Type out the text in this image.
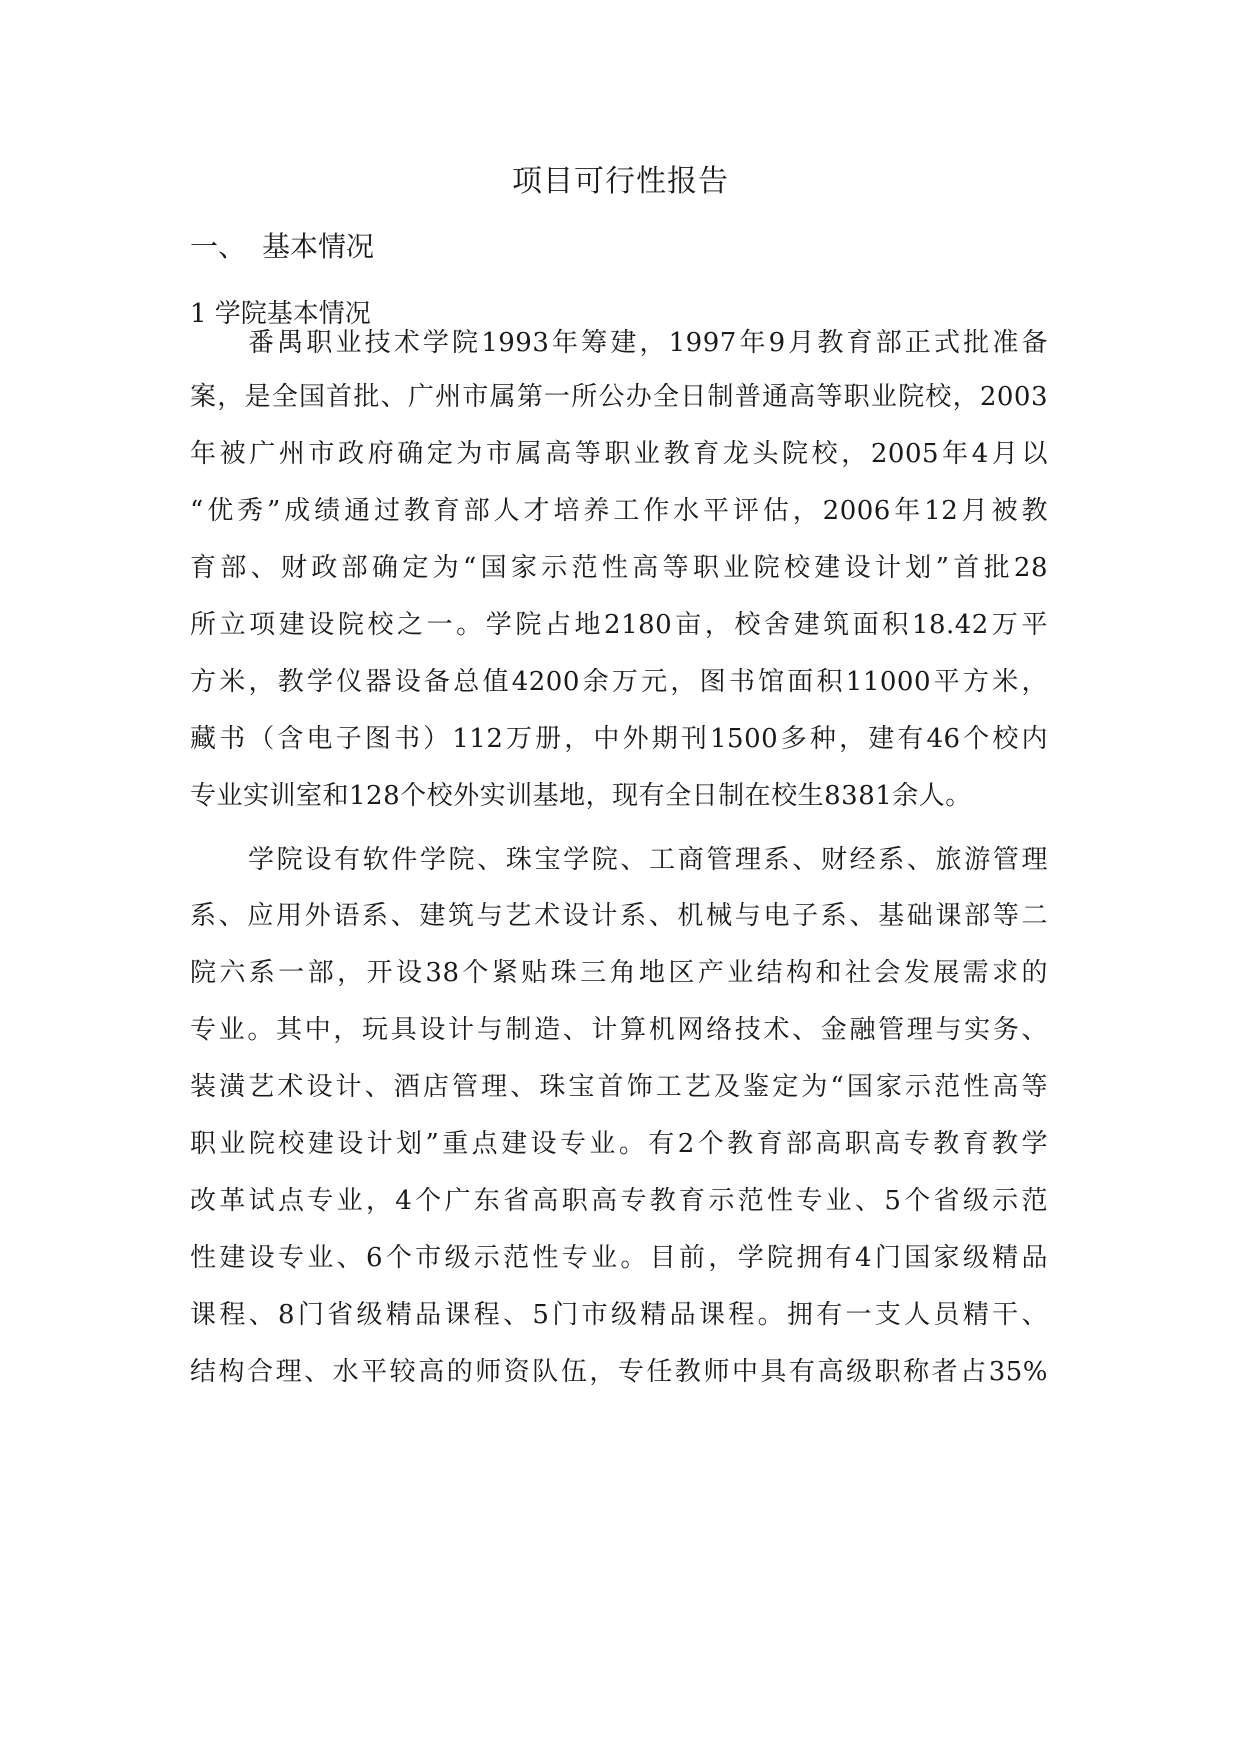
项目可行性报告
一、 基本情况
1 学院基本情况
番禺职业技术学院1993年筹建，1997年9月教育部正式批准备
案，是全国首批、广州市属第一所公办全日制普通高等职业院校，2003
年被广州市政府确定为市属高等职业教育龙头院校，2005年4月以
“优秀”成绩通过教育部人才培养工作水平评估，2006年12月被教
育部、财政部确定为“国家示范性高等职业院校建设计划”首批28
所立项建设院校之一。学院占地2180亩，校舍建筑面积18.42万平
方米，教学仪器设备总值4200余万元，图书馆面积11000平方米，
藏书（含电子图书）112万册，中外期刊1500多种，建有46个校内
专业实训室和128个校外实训基地，现有全日制在校生8381余人。
学院设有软件学院、珠宝学院、工商管理系、财经系、旅游管理
系、应用外语系、建筑与艺术设计系、机械与电子系、基础课部等二
院六系一部，开设38个紧贴珠三角地区产业结构和社会发展需求的
专业。其中，玩具设计与制造、计算机网络技术、金融管理与实务、
装潢艺术设计、酒店管理、珠宝首饰工艺及鉴定为“国家示范性高等
职业院校建设计划”重点建设专业。有2个教育部高职高专教育教学
改革试点专业，4个广东省高职高专教育示范性专业、5个省级示范
性建设专业、6个市级示范性专业。目前，学院拥有4门国家级精品
课程、8门省级精品课程、5门市级精品课程。拥有一支人员精干、
结构合理、水平较高的师资队伍，专任教师中具有高级职称者占35%
